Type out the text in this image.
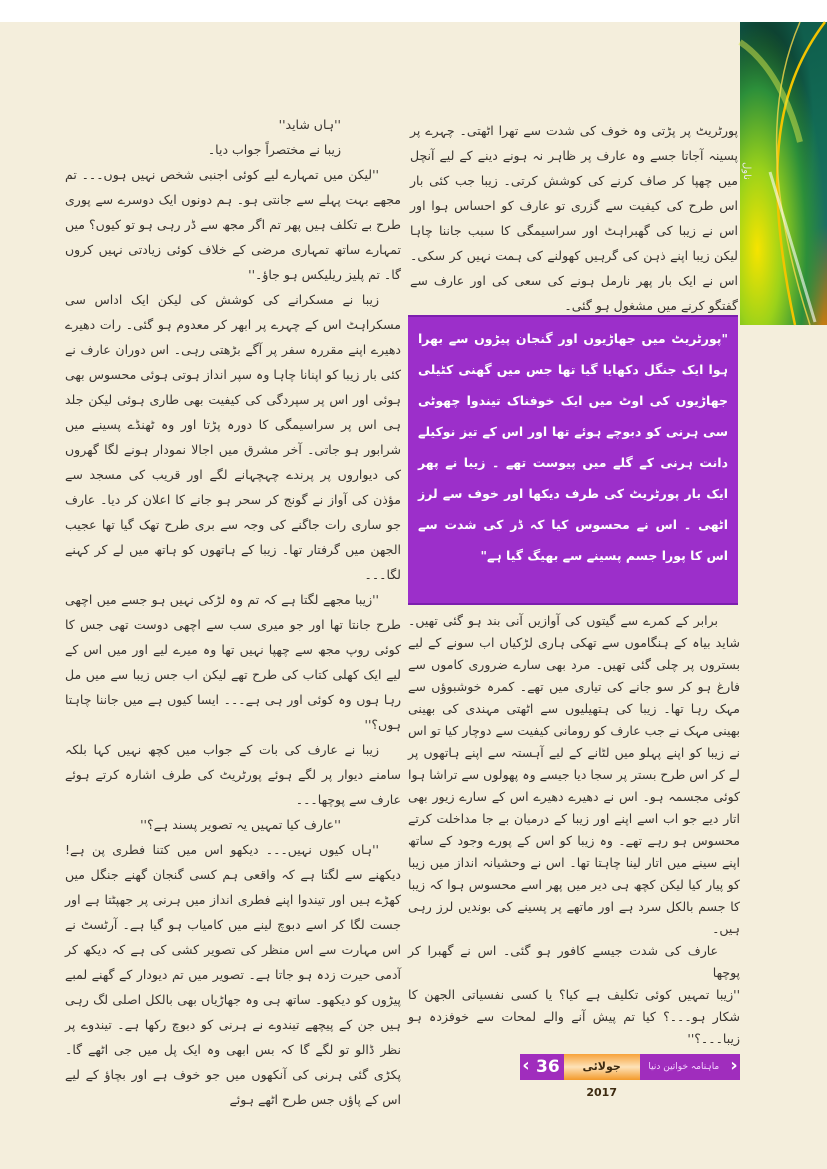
ناول

پورٹریٹ پر پڑتی وہ خوف کی شدت سے تھرا اٹھتی۔ چہرے پر پسینہ آجاتا جسے وہ عارف پر ظاہر نہ ہونے دینے کے لیے آنچل میں چھپا کر صاف کرنے کی کوشش کرتی۔ زیبا جب کئی بار اس طرح کی کیفیت سے گزری تو عارف کو احساس ہوا اور اس نے زیبا کی گھبراہٹ اور سراسیمگی کا سبب جاننا چاہا لیکن زیبا اپنے ذہن کی گرہیں کھولنے کی ہمت نہیں کر سکی۔ اس نے ایک بار پھر نارمل ہونے کی سعی کی اور عارف سے گفتگو کرنے میں مشغول ہو گئی۔

"پورٹریٹ میں جھاڑیوں اور گنجان پیڑوں سے بھرا ہوا ایک جنگل دکھایا گیا تھا جس میں گھنی کٹیلی جھاڑیوں کی اوٹ میں ایک خوفناک تیندوا چھوٹی سی ہرنی کو دبوچے ہوئے تھا اور اس کے تیز نوکیلے دانت ہرنی کے گلے میں پیوست تھے ۔ زیبا نے پھر ایک بار پورٹریٹ کی طرف دیکھا اور خوف سے لرز اٹھی ۔ اس نے محسوس کیا کہ ڈر کی شدت سے اس کا پورا جسم پسینے سے بھیگ گیا ہے"

برابر کے کمرے سے گیتوں کی آوازیں آنی بند ہو گئی تھیں۔ شاید بیاہ کے ہنگاموں سے تھکی ہاری لڑکیاں اب سونے کے لیے بستروں پر چلی گئی تھیں۔ مرد بھی سارے ضروری کاموں سے فارغ ہو کر سو جانے کی تیاری میں تھے۔ کمرہ خوشبوؤں سے مہک رہا تھا۔ زیبا کی ہتھیلیوں سے اٹھتی مہندی کی بھینی بھینی مہک نے جب عارف کو رومانی کیفیت سے دوچار کیا تو اس نے زیبا کو اپنے پہلو میں لٹانے کے لیے آہستہ سے اپنے ہاتھوں پر لے کر اس طرح بستر پر سجا دیا جیسے وہ پھولوں سے تراشا ہوا کوئی مجسمہ ہو۔ اس نے دھیرے دھیرے اس کے سارے زیور بھی اتار دیے جو اب اسے اپنے اور زیبا کے درمیان بے جا مداخلت کرتے محسوس ہو رہے تھے۔ وہ زیبا کو اس کے پورے وجود کے ساتھ اپنے سینے میں اتار لینا چاہتا تھا۔ اس نے وحشیانہ انداز میں زیبا کو پیار کیا لیکن کچھ ہی دیر میں پھر اسے محسوس ہوا کہ زیبا کا جسم بالکل سرد ہے اور ماتھے پر پسینے کی بوندیں لرز رہی ہیں۔

عارف کی شدت جیسے کافور ہو گئی۔ اس نے گھبرا کر پوچھا

''زیبا تمہیں کوئی تکلیف ہے کیا؟ یا کسی نفسیاتی الجھن کا شکار ہو۔۔۔؟ کیا تم پیش آنے والے لمحات سے خوفزدہ ہو زیبا۔۔۔؟''

''ہاں شاید''

زیبا نے مختصراً جواب دیا۔

''لیکن میں تمہارے لیے کوئی اجنبی شخص نہیں ہوں۔۔۔ تم مجھے بہت پہلے سے جانتی ہو۔ ہم دونوں ایک دوسرے سے پوری طرح بے تکلف ہیں پھر تم اگر مجھ سے ڈر رہی ہو تو کیوں؟ میں تمہارے ساتھ تمہاری مرضی کے خلاف کوئی زیادتی نہیں کروں گا۔ تم پلیز ریلیکس ہو جاؤ۔''

زیبا نے مسکرانے کی کوشش کی لیکن ایک اداس سی مسکراہٹ اس کے چہرے پر ابھر کر معدوم ہو گئی۔ رات دھیرے دھیرے اپنے مقررہ سفر پر آگے بڑھتی رہی۔ اس دوران عارف نے کئی بار زیبا کو اپنانا چاہا وہ سپر انداز ہوتی ہوئی محسوس بھی ہوئی اور اس پر سپردگی کی کیفیت بھی طاری ہوئی لیکن جلد ہی اس پر سراسیمگی کا دورہ پڑتا اور وہ ٹھنڈے پسینے میں شرابور ہو جاتی۔ آخر مشرق میں اجالا نمودار ہونے لگا گھروں کی دیواروں پر پرندے چہچہانے لگے اور قریب کی مسجد سے مؤذن کی آواز نے گونج کر سحر ہو جانے کا اعلان کر دیا۔ عارف جو ساری رات جاگنے کی وجہ سے بری طرح تھک گیا تھا عجیب الجھن میں گرفتار تھا۔ زیبا کے ہاتھوں کو ہاتھ میں لے کر کہنے لگا۔۔۔

''زیبا مجھے لگتا ہے کہ تم وہ لڑکی نہیں ہو جسے میں اچھی طرح جانتا تھا اور جو میری سب سے اچھی دوست تھی جس کا کوئی روپ مجھ سے چھپا نہیں تھا وہ میرے لیے اور میں اس کے لیے ایک کھلی کتاب کی طرح تھے لیکن اب جس زیبا سے میں مل رہا ہوں وہ کوئی اور ہی ہے۔۔۔ ایسا کیوں ہے میں جاننا چاہتا ہوں؟''

زیبا نے عارف کی بات کے جواب میں کچھ نہیں کہا بلکہ سامنے دیوار پر لگے ہوئے پورٹریٹ کی طرف اشارہ کرتے ہوئے عارف سے پوچھا۔۔۔

''عارف کیا تمہیں یہ تصویر پسند ہے؟''

''ہاں کیوں نہیں۔۔۔ دیکھو اس میں کتنا فطری پن ہے! دیکھنے سے لگتا ہے کہ واقعی ہم کسی گنجان گھنے جنگل میں کھڑے ہیں اور تیندوا اپنے فطری انداز میں ہرنی پر جھپٹتا ہے اور جست لگا کر اسے دبوچ لینے میں کامیاب ہو گیا ہے۔ آرٹسٹ نے اس مہارت سے اس منظر کی تصویر کشی کی ہے کہ دیکھ کر آدمی حیرت زدہ ہو جاتا ہے۔ تصویر میں تم دیودار کے گھنے لمبے پیڑوں کو دیکھو۔ ساتھ ہی وہ جھاڑیاں بھی بالکل اصلی لگ رہی ہیں جن کے پیچھے تیندوے نے ہرنی کو دبوچ رکھا ہے۔ تیندوے پر نظر ڈالو تو لگے گا کہ بس ابھی وہ ایک پل میں جی اٹھے گا۔ پکڑی گئی ہرنی کی آنکھوں میں جو خوف ہے اور بچاؤ کے لیے اس کے پاؤں جس طرح اٹھے ہوئے

‹ 36	جولائی 2017
ماہنامہ خواتین دنیا ›
